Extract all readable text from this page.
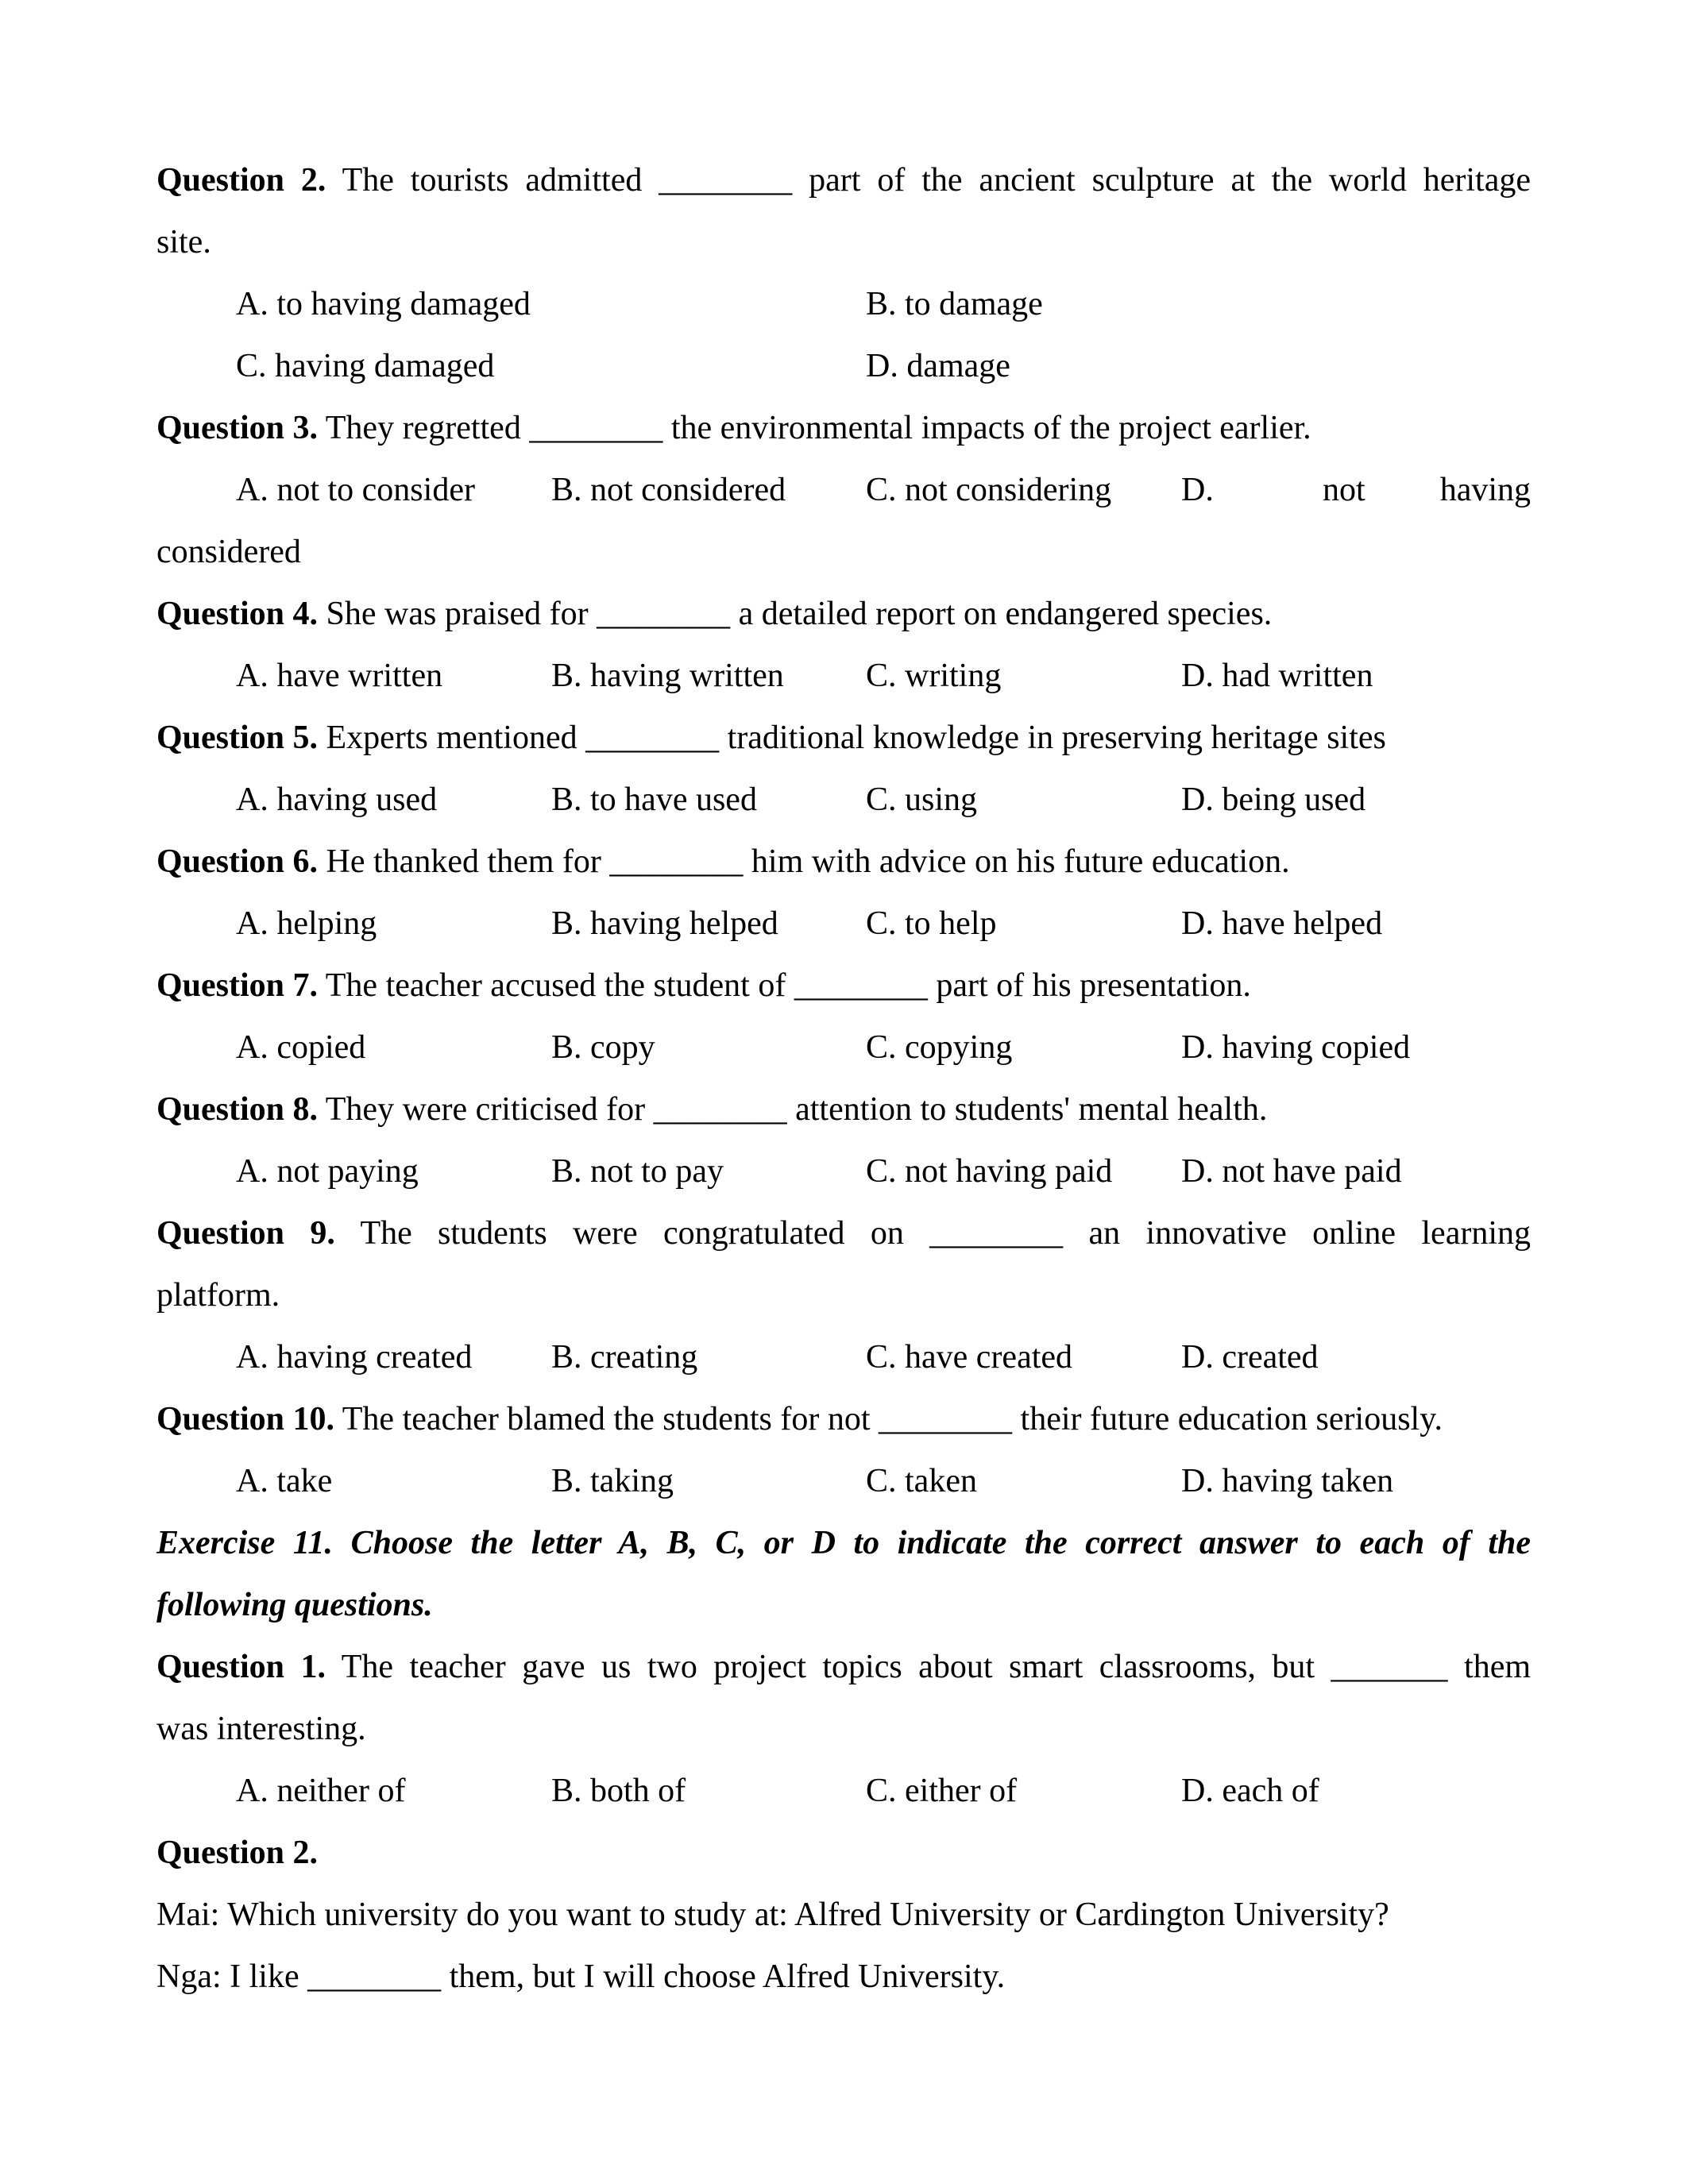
Question 2. The tourists admitted ________ part of the ancient sculpture at the world heritage
site.
A. to having damaged	B. to damage
C. having damaged	D. damage
Question 3. They regretted ________ the environmental impacts of the project earlier.
A. not to consider B. not considered C. not considering D.	not having
considered
Question 4. She was praised for ________ a detailed report on endangered species.
A. have written	B. having written C. writing	D. had written
Question 5. Experts mentioned ________ traditional knowledge in preserving heritage sites
A. having used	B. to have used	C. using	D. being used
Question 6. He thanked them for ________ him with advice on his future education.
A. helping	B. having helped	C. to help	D. have helped
Question 7. The teacher accused the student of ________ part of his presentation.
A. copied	B. copy	C. copying	D. having copied
Question 8. They were criticised for ________ attention to students' mental health.
A. not paying	B. not to pay	C. not having paid D. not have paid
Question 9. The students were congratulated on ________ an innovative online learning
platform.
A. having created B. creating	C. have created	D. created
Question 10. The teacher blamed the students for not ________ their future education seriously.
A. take	B. taking	C. taken	D. having taken
Exercise 11. Choose the letter A, B, C, or D to indicate the correct answer to each of the
following questions.
Question 1. The teacher gave us two project topics about smart classrooms, but _______ them
was interesting.
A. neither of	B. both of	C. either of	D. each of
Question 2.
Mai: Which university do you want to study at: Alfred University or Cardington University?
Nga: I like ________ them, but I will choose Alfred University.
